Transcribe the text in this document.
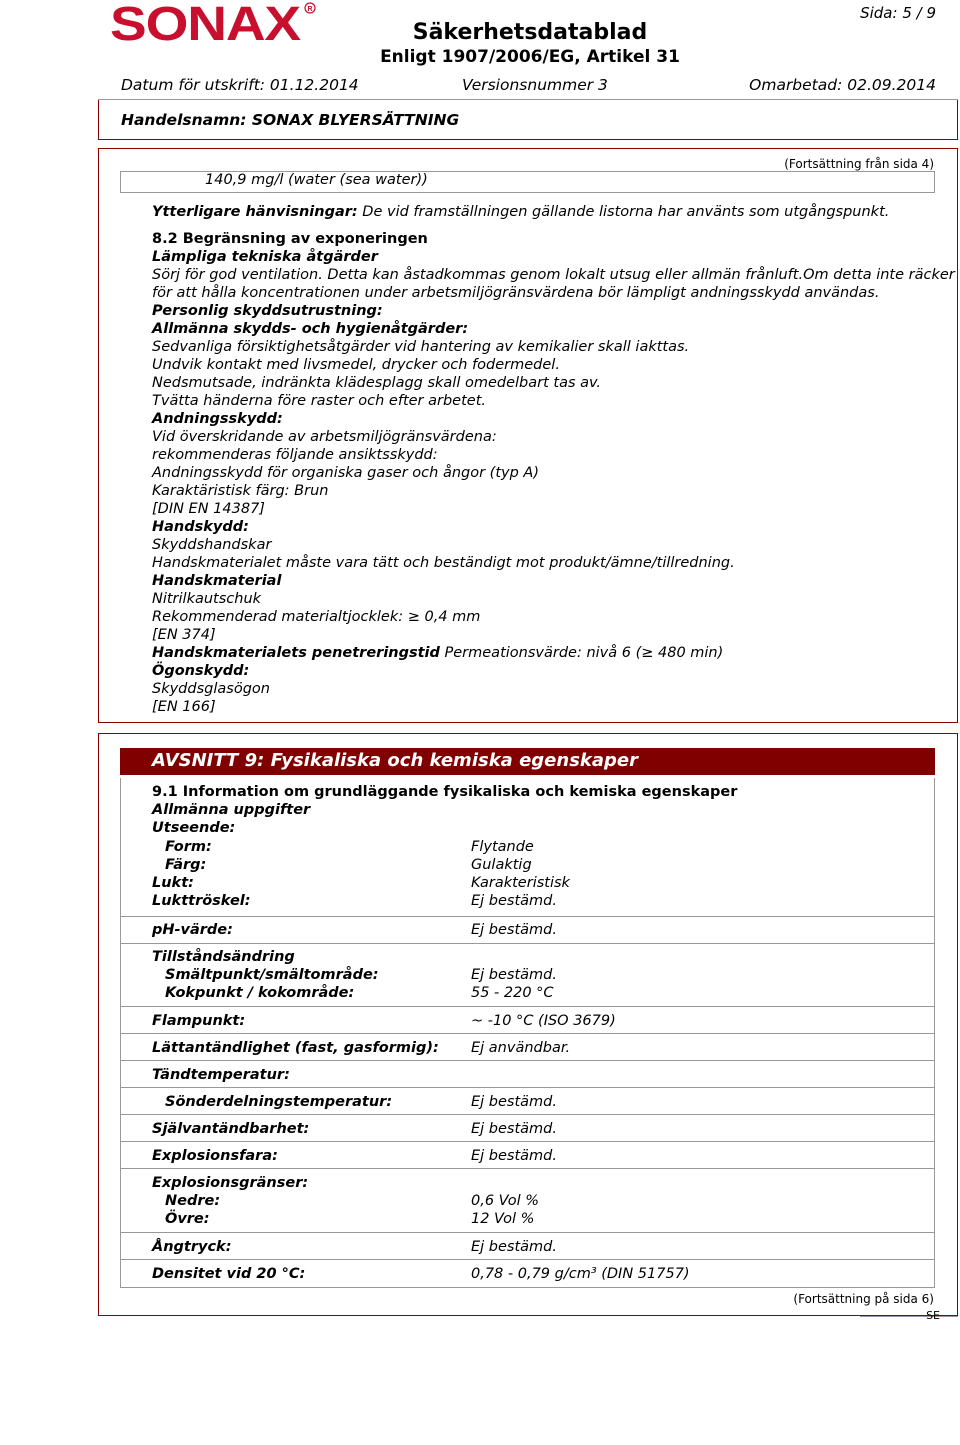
SONAX R
Säkerhetsdatablad
Enligt 1907/2006/EG, Artikel 31
Sida: 5 / 9
Datum för utskrift: 01.12.2014	Versionsnummer 3	Omarbetad: 02.09.2014
Handelsnamn: SONAX BLYERSÄTTNING
(Fortsättning från sida 4)
140,9 mg/l (water (sea water))
Ytterligare hänvisningar: De vid framställningen gällande listorna har använts som utgångspunkt.
8.2 Begränsning av exponeringen
Lämpliga tekniska åtgärder
Sörj för god ventilation. Detta kan åstadkommas genom lokalt utsug eller allmän frånluft.Om detta inte räcker
för att hålla koncentrationen under arbetsmiljögränsvärdena bör lämpligt andningsskydd användas.
Personlig skyddsutrustning:
Allmänna skydds- och hygienåtgärder:
Sedvanliga försiktighetsåtgärder vid hantering av kemikalier skall iakttas.
Undvik kontakt med livsmedel, drycker och fodermedel.
Nedsmutsade, indränkta klädesplagg skall omedelbart tas av.
Tvätta händerna före raster och efter arbetet.
Andningsskydd:
Vid överskridande av arbetsmiljögränsvärdena:
rekommenderas följande ansiktsskydd:
Andningsskydd för organiska gaser och ångor (typ A)
Karaktäristisk färg: Brun
[DIN EN 14387]
Handskydd:
Skyddshandskar
Handskmaterialet måste vara tätt och beständigt mot produkt/ämne/tillredning.
Handskmaterial
Nitrilkautschuk
Rekommenderad materialtjocklek: ≥ 0,4 mm
[EN 374]
Handskmaterialets penetreringstid Permeationsvärde: nivå 6 (≥ 480 min)
Ögonskydd:
Skyddsglasögon
[EN 166]
AVSNITT 9: Fysikaliska och kemiska egenskaper
9.1 Information om grundläggande fysikaliska och kemiska egenskaper
Allmänna uppgifter
Utseende:
Form:	Flytande
Färg:	Gulaktig
Lukt:	Karakteristisk
Lukttröskel:	Ej bestämd.
pH-värde:	Ej bestämd.
Tillståndsändring
Smältpunkt/smältområde:	Ej bestämd.
Kokpunkt / kokområde:	55 - 220 °C
Flampunkt:	~ -10 °C (ISO 3679)
Lättantändlighet (fast, gasformig): Ej användbar.
Tändtemperatur:
Sönderdelningstemperatur:	Ej bestämd.
Självantändbarhet:	Ej bestämd.
Explosionsfara:	Ej bestämd.
Explosionsgränser:
Nedre:	0,6 Vol %
Övre:	12 Vol %
Ångtryck:	Ej bestämd.
Densitet vid 20 °C:	0,78 - 0,79 g/cm³ (DIN 51757)
(Fortsättning på sida 6)
SE
